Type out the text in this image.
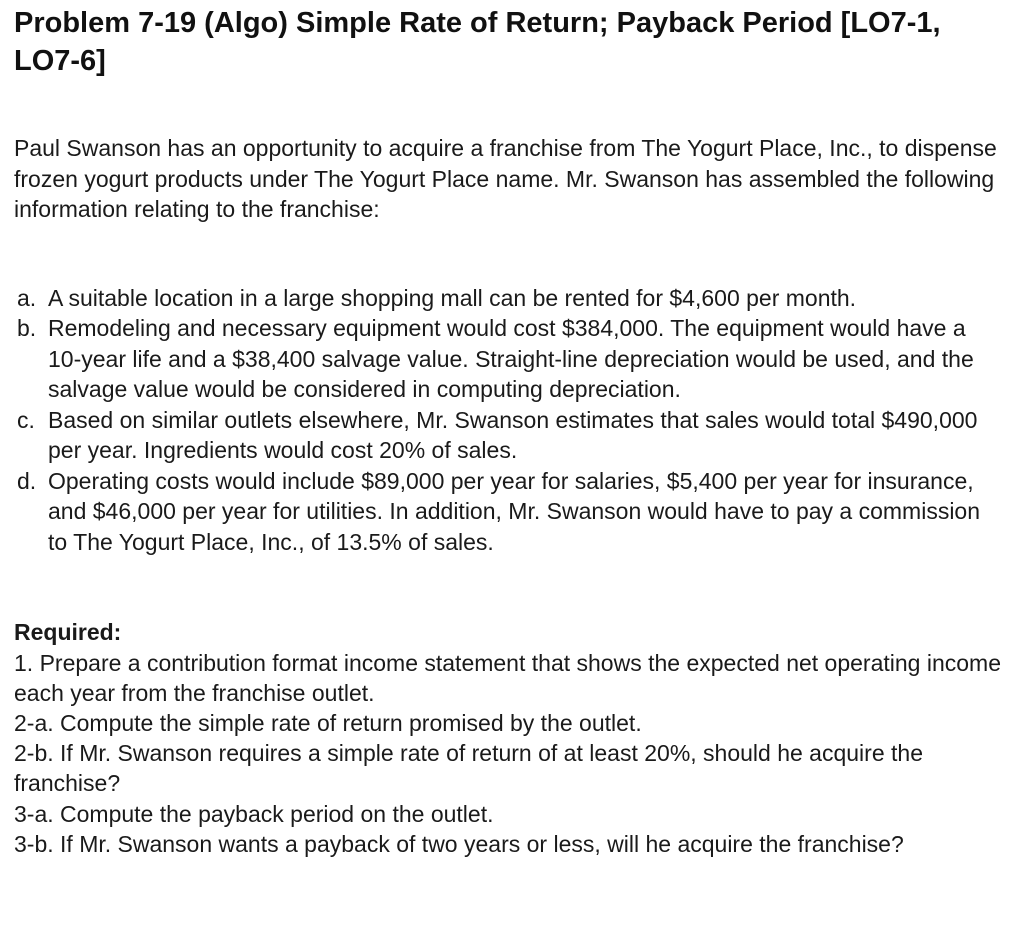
Problem 7-19 (Algo) Simple Rate of Return; Payback Period [LO7-1, LO7-6]

Paul Swanson has an opportunity to acquire a franchise from The Yogurt Place, Inc., to dispense frozen yogurt products under The Yogurt Place name. Mr. Swanson has assembled the following information relating to the franchise:

a. A suitable location in a large shopping mall can be rented for $4,600 per month.
b. Remodeling and necessary equipment would cost $384,000. The equipment would have a 10-year life and a $38,400 salvage value. Straight-line depreciation would be used, and the salvage value would be considered in computing depreciation.
c. Based on similar outlets elsewhere, Mr. Swanson estimates that sales would total $490,000 per year. Ingredients would cost 20% of sales.
d. Operating costs would include $89,000 per year for salaries, $5,400 per year for insurance, and $46,000 per year for utilities. In addition, Mr. Swanson would have to pay a commission to The Yogurt Place, Inc., of 13.5% of sales.
Required:
1. Prepare a contribution format income statement that shows the expected net operating income each year from the franchise outlet.
2-a. Compute the simple rate of return promised by the outlet.
2-b. If Mr. Swanson requires a simple rate of return of at least 20%, should he acquire the franchise?
3-a. Compute the payback period on the outlet.
3-b. If Mr. Swanson wants a payback of two years or less, will he acquire the franchise?
